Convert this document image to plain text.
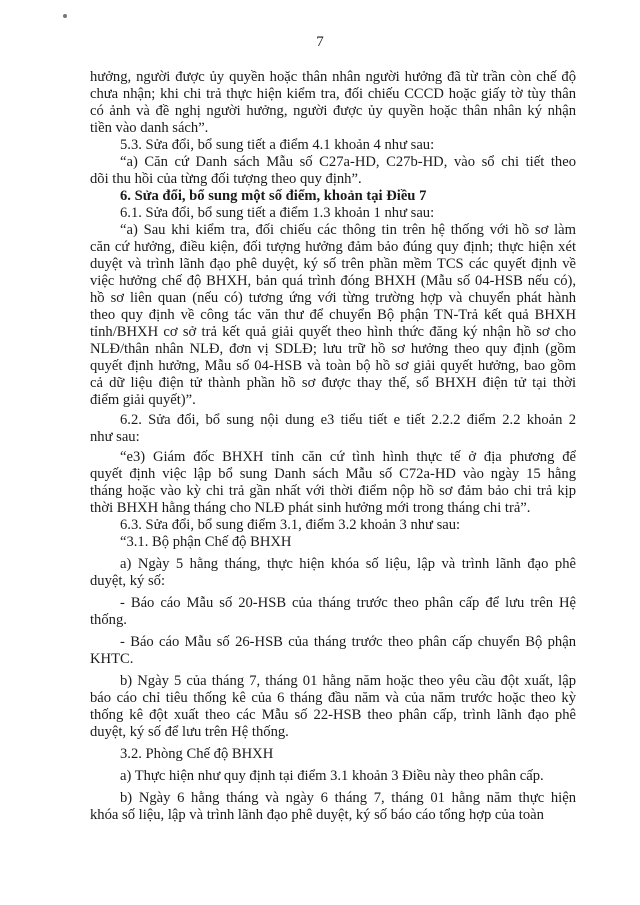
7

hưởng, người được ủy quyền hoặc thân nhân người hưởng đã từ trần còn chế độ
chưa nhận; khi chi trả thực hiện kiểm tra, đối chiếu CCCD hoặc giấy tờ tùy thân
có ảnh và đề nghị người hưởng, người được ủy quyền hoặc thân nhân ký nhận
tiền vào danh sách”.

5.3. Sửa đổi, bổ sung tiết a điểm 4.1 khoản 4 như sau:

“a) Căn cứ Danh sách Mẫu số C27a-HD, C27b-HD, vào sổ chi tiết theo
dõi thu hồi của từng đối tượng theo quy định”.

6. Sửa đổi, bổ sung một số điểm, khoản tại Điều 7

6.1. Sửa đổi, bổ sung tiết a điểm 1.3 khoản 1 như sau:

“a) Sau khi kiểm tra, đối chiếu các thông tin trên hệ thống với hồ sơ làm
căn cứ hưởng, điều kiện, đối tượng hưởng đảm bảo đúng quy định; thực hiện xét
duyệt và trình lãnh đạo phê duyệt, ký số trên phần mềm TCS các quyết định về
việc hưởng chế độ BHXH, bản quá trình đóng BHXH (Mẫu số 04-HSB nếu có),
hồ sơ liên quan (nếu có) tương ứng với từng trường hợp và chuyển phát hành
theo quy định về công tác văn thư để chuyển Bộ phận TN-Trả kết quả BHXH
tỉnh/BHXH cơ sở trả kết quả giải quyết theo hình thức đăng ký nhận hồ sơ cho
NLĐ/thân nhân NLĐ, đơn vị SDLĐ; lưu trữ hồ sơ hưởng theo quy định (gồm
quyết định hưởng, Mẫu số 04-HSB và toàn bộ hồ sơ giải quyết hưởng, bao gồm
cả dữ liệu điện tử thành phần hồ sơ được thay thế, sổ BHXH điện tử tại thời
điểm giải quyết)”.

6.2. Sửa đổi, bổ sung nội dung e3 tiểu tiết e tiết 2.2.2 điểm 2.2 khoản 2
như sau:

“e3) Giám đốc BHXH tỉnh căn cứ tình hình thực tế ở địa phương để
quyết định việc lập bổ sung Danh sách Mẫu số C72a-HD vào ngày 15 hằng
tháng hoặc vào kỳ chi trả gần nhất với thời điểm nộp hồ sơ đảm bảo chi trả kịp
thời BHXH hằng tháng cho NLĐ phát sinh hưởng mới trong tháng chi trả”.

6.3. Sửa đổi, bổ sung điểm 3.1, điểm 3.2 khoản 3 như sau:

“3.1. Bộ phận Chế độ BHXH

a) Ngày 5 hằng tháng, thực hiện khóa số liệu, lập và trình lãnh đạo phê
duyệt, ký số:

- Báo cáo Mẫu số 20-HSB của tháng trước theo phân cấp để lưu trên Hệ
thống.

- Báo cáo Mẫu số 26-HSB của tháng trước theo phân cấp chuyển Bộ phận
KHTC.

b) Ngày 5 của tháng 7, tháng 01 hằng năm hoặc theo yêu cầu đột xuất, lập
báo cáo chỉ tiêu thống kê của 6 tháng đầu năm và của năm trước hoặc theo kỳ
thống kê đột xuất theo các Mẫu số 22-HSB theo phân cấp, trình lãnh đạo phê
duyệt, ký số để lưu trên Hệ thống.

3.2. Phòng Chế độ BHXH

a) Thực hiện như quy định tại điểm 3.1 khoản 3 Điều này theo phân cấp.

b) Ngày 6 hằng tháng và ngày 6 tháng 7, tháng 01 hằng năm thực hiện
khóa số liệu, lập và trình lãnh đạo phê duyệt, ký số báo cáo tổng hợp của toàn
